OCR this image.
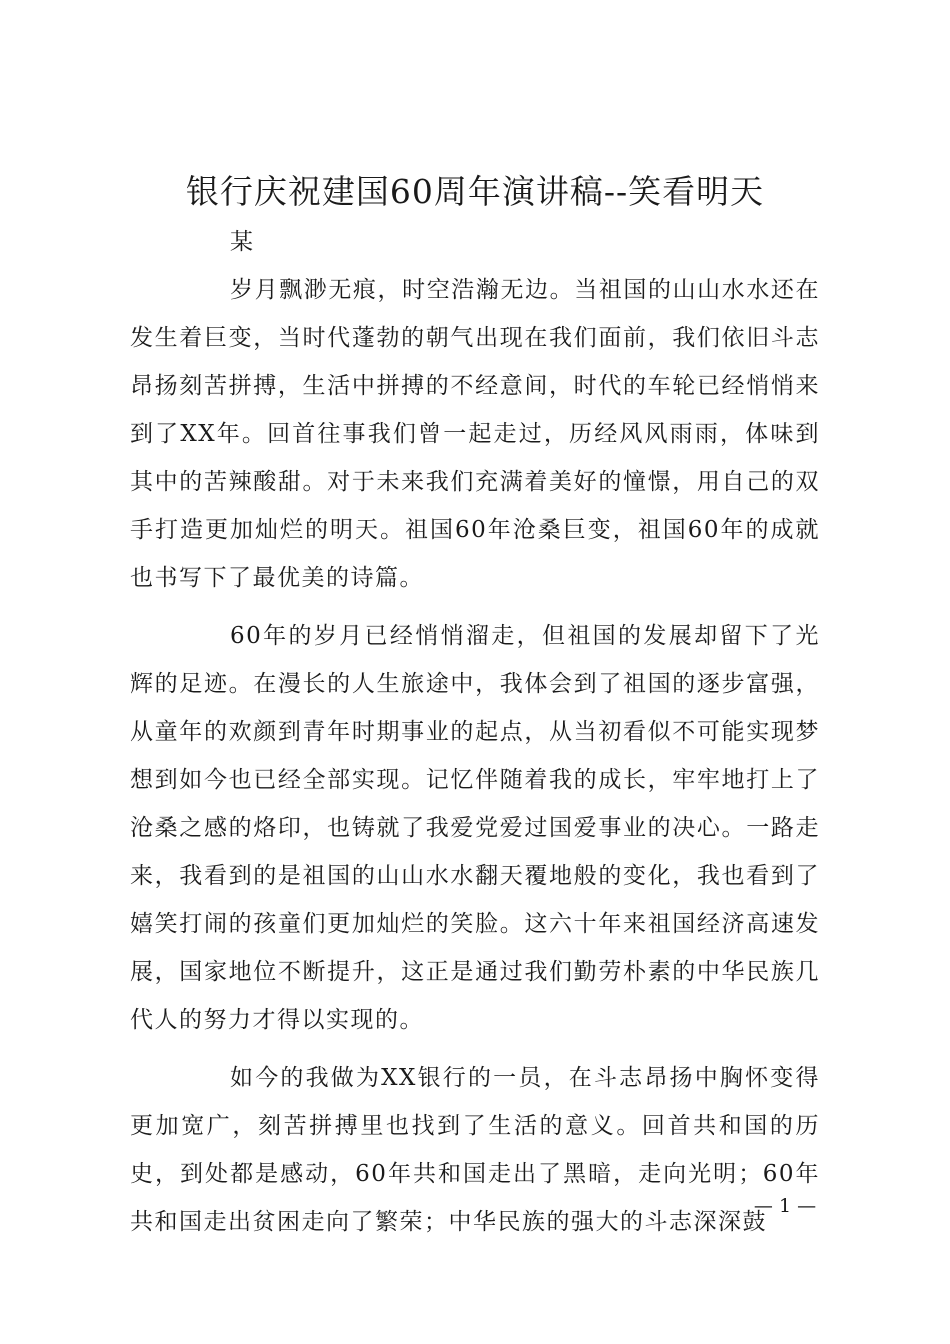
银行庆祝建国60周年演讲稿--笑看明天

某

岁月飘渺无痕，时空浩瀚无边。当祖国的山山水水还在发生着巨变，当时代蓬勃的朝气出现在我们面前，我们依旧斗志昂扬刻苦拼搏，生活中拼搏的不经意间，时代的车轮已经悄悄来到了XX年。回首往事我们曾一起走过，历经风风雨雨，体味到其中的苦辣酸甜。对于未来我们充满着美好的憧憬，用自己的双手打造更加灿烂的明天。祖国60年沧桑巨变，祖国60年的成就也书写下了最优美的诗篇。

60年的岁月已经悄悄溜走，但祖国的发展却留下了光辉的足迹。在漫长的人生旅途中，我体会到了祖国的逐步富强，从童年的欢颜到青年时期事业的起点，从当初看似不可能实现梦想到如今也已经全部实现。记忆伴随着我的成长，牢牢地打上了沧桑之感的烙印，也铸就了我爱党爱过国爱事业的决心。一路走来，我看到的是祖国的山山水水翻天覆地般的变化，我也看到了嬉笑打闹的孩童们更加灿烂的笑脸。这六十年来祖国经济高速发展，国家地位不断提升，这正是通过我们勤劳朴素的中华民族几代人的努力才得以实现的。

如今的我做为XX银行的一员，在斗志昂扬中胸怀变得更加宽广，刻苦拼搏里也找到了生活的意义。回首共和国的历史，到处都是感动，60年共和国走出了黑暗，走向光明；60年共和国走出贫困走向了繁荣；中华民族的强大的斗志深深鼓

— 1 —
